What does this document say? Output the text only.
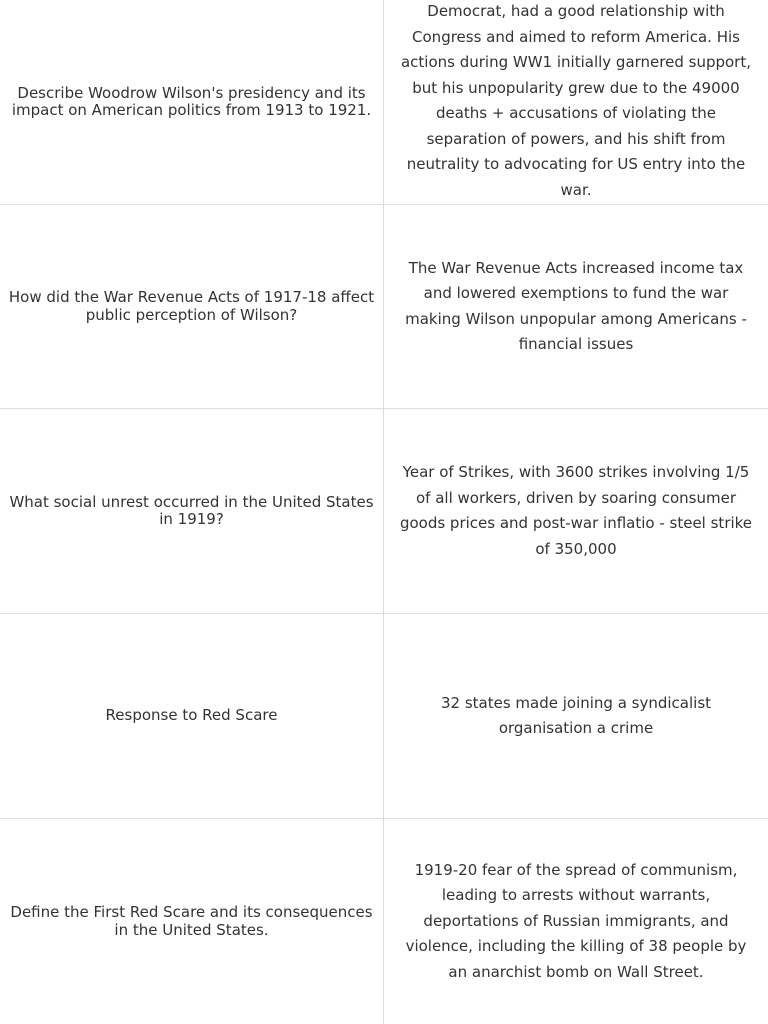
Describe Woodrow Wilson's presidency and its impact on American politics from 1913 to 1921.
Democrat, had a good relationship with Congress and aimed to reform America. His actions during WW1 initially garnered support, but his unpopularity grew due to the 49000 deaths + accusations of violating the separation of powers, and his shift from neutrality to advocating for US entry into the war.
How did the War Revenue Acts of 1917-18 affect public perception of Wilson?
The War Revenue Acts increased income tax and lowered exemptions to fund the war making Wilson unpopular among Americans - financial issues
What social unrest occurred in the United States in 1919?
Year of Strikes, with 3600 strikes involving 1/5 of all workers, driven by soaring consumer goods prices and post-war inflatio - steel strike of 350,000
Response to Red Scare
32 states made joining a syndicalist organisation a crime
Define the First Red Scare and its consequences in the United States.
1919-20 fear of the spread of communism, leading to arrests without warrants, deportations of Russian immigrants, and violence, including the killing of 38 people by an anarchist bomb on Wall Street.
